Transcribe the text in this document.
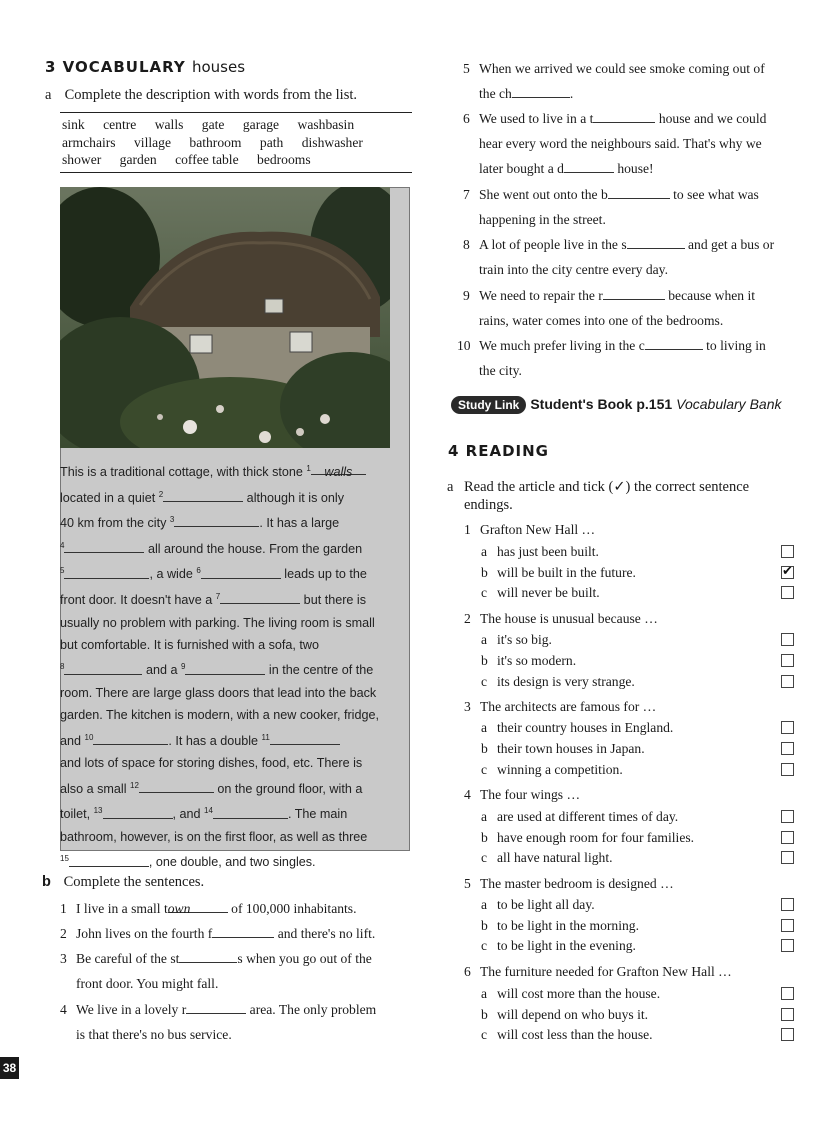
3 VOCABULARY houses
a Complete the description with words from the list.
sink centre walls gate garage washbasin
armchairs village bathroom path dishwasher
shower garden coffee table bedrooms
This is a traditional cottage, with thick stone $^1$ walls
located in a quiet $^2$	although it is only
40 km from the city $^3$	. It has a large
$^4$	all around the house. From the garden
$^5$	, a wide $^6$	leads up to the
front door. It doesn't have a $^7$	but there is
usually no problem with parking. The living room is small
but comfortable. It is furnished with a sofa, two
$^8$	and a $^9$	in the centre of the
room. There are large glass doors that lead into the back
garden. The kitchen is modern, with a new cooker, fridge,
and $^{10}$	. It has a double $^{11}$
and lots of space for storing dishes, food, etc. There is
also a small $^{12}$	on the ground floor, with a
toilet, $^{13}$	, and $^{14}$	. The main
bathroom, however, is on the first floor, as well as three
$^{15}$	, one double, and two singles.
b Complete the sentences.
1 I live in a small town	of 100,000 inhabitants.
2 John lives on the fourth f	and there's no lift.
3 Be careful of the st	s when you go out of the
front door. You might fall.
4 We live in a lovely r	area. The only problem
is that there's no bus service.
5 When we arrived we could see smoke coming out of
the ch	.
6 We used to live in a t	house and we could
hear every word the neighbours said. That's why we
later bought a d	house!
7 She went out onto the b	to see what was
happening in the street.
8 A lot of people live in the s	and get a bus or
train into the city centre every day.
9 We need to repair the r	because when it
rains, water comes into one of the bedrooms.
10 We much prefer living in the c	to living in
the city.
Study Link Student's Book p.151 Vocabulary Bank
4 READING
a Read the article and tick (✓) the correct sentence
endings.
1 Grafton New Hall …
a has just been built.
b will be built in the future.
✔
c will never be built.
2 The house is unusual because …
a it's so big.
b it's so modern.
c its design is very strange.
3 The architects are famous for …
a their country houses in England.
b their town houses in Japan.
c winning a competition.
4 The four wings …
a are used at different times of day.
b have enough room for four families.
c all have natural light.
5 The master bedroom is designed …
a to be light all day.
b to be light in the morning.
c to be light in the evening.
6 The furniture needed for Grafton New Hall …
a will cost more than the house.
b will depend on who buys it.
c will cost less than the house.
38
